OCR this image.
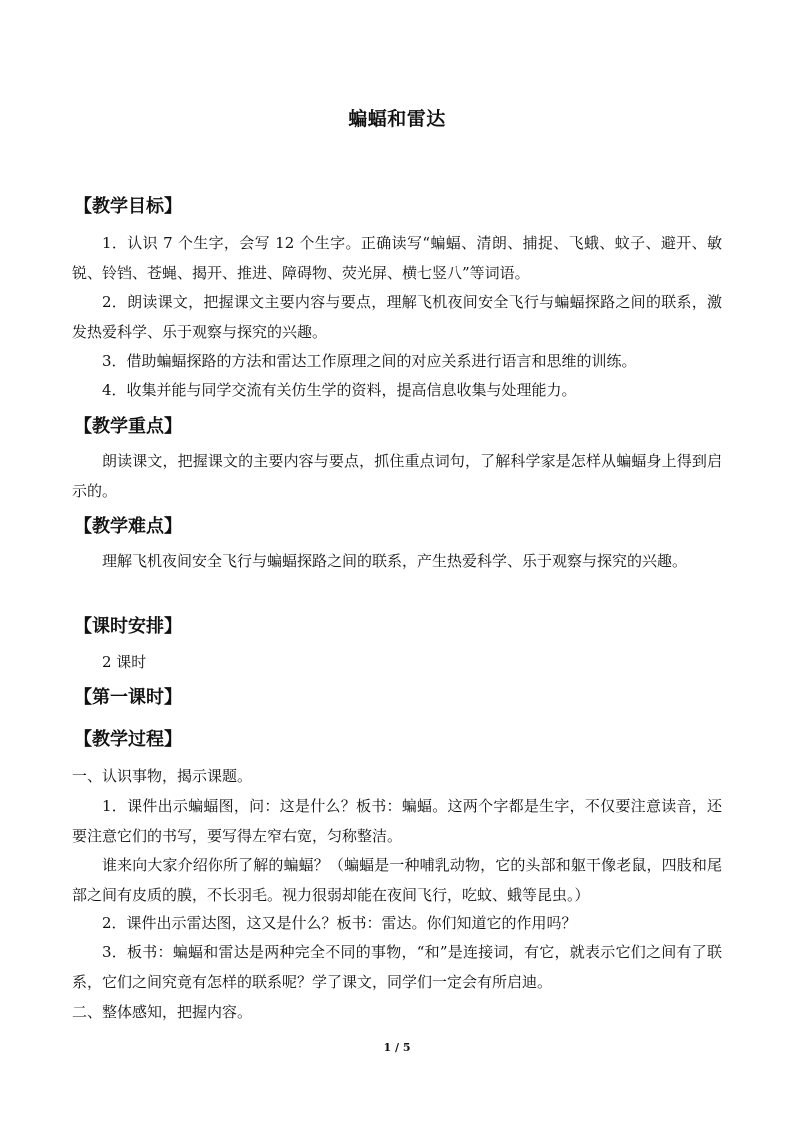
蝙蝠和雷达
【教学目标】

1．认识 7 个生字，会写 12 个生字。正确读写“蝙蝠、清朗、捕捉、飞蛾、蚊子、避开、敏锐、铃铛、苍蝇、揭开、推进、障碍物、荧光屏、横七竖八”等词语。

2．朗读课文，把握课文主要内容与要点，理解飞机夜间安全飞行与蝙蝠探路之间的联系，激发热爱科学、乐于观察与探究的兴趣。

3．借助蝙蝠探路的方法和雷达工作原理之间的对应关系进行语言和思维的训练。

4．收集并能与同学交流有关仿生学的资料，提高信息收集与处理能力。

【教学重点】

朗读课文，把握课文的主要内容与要点，抓住重点词句，了解科学家是怎样从蝙蝠身上得到启示的。

【教学难点】

理解飞机夜间安全飞行与蝙蝠探路之间的联系，产生热爱科学、乐于观察与探究的兴趣。

【课时安排】

2 课时

【第一课时】
【教学过程】

一、认识事物，揭示课题。

1．课件出示蝙蝠图，问：这是什么？板书：蝙蝠。这两个字都是生字，不仅要注意读音，还要注意它们的书写，要写得左窄右宽，匀称整洁。

谁来向大家介绍你所了解的蝙蝠？（蝙蝠是一种哺乳动物，它的头部和躯干像老鼠，四肢和尾部之间有皮质的膜，不长羽毛。视力很弱却能在夜间飞行，吃蚊、蛾等昆虫。）

2．课件出示雷达图，这又是什么？板书：雷达。你们知道它的作用吗？

3．板书：蝙蝠和雷达是两种完全不同的事物，“和”是连接词，有它，就表示它们之间有了联系，它们之间究竟有怎样的联系呢？学了课文，同学们一定会有所启迪。

二、整体感知，把握内容。

1 / 5
